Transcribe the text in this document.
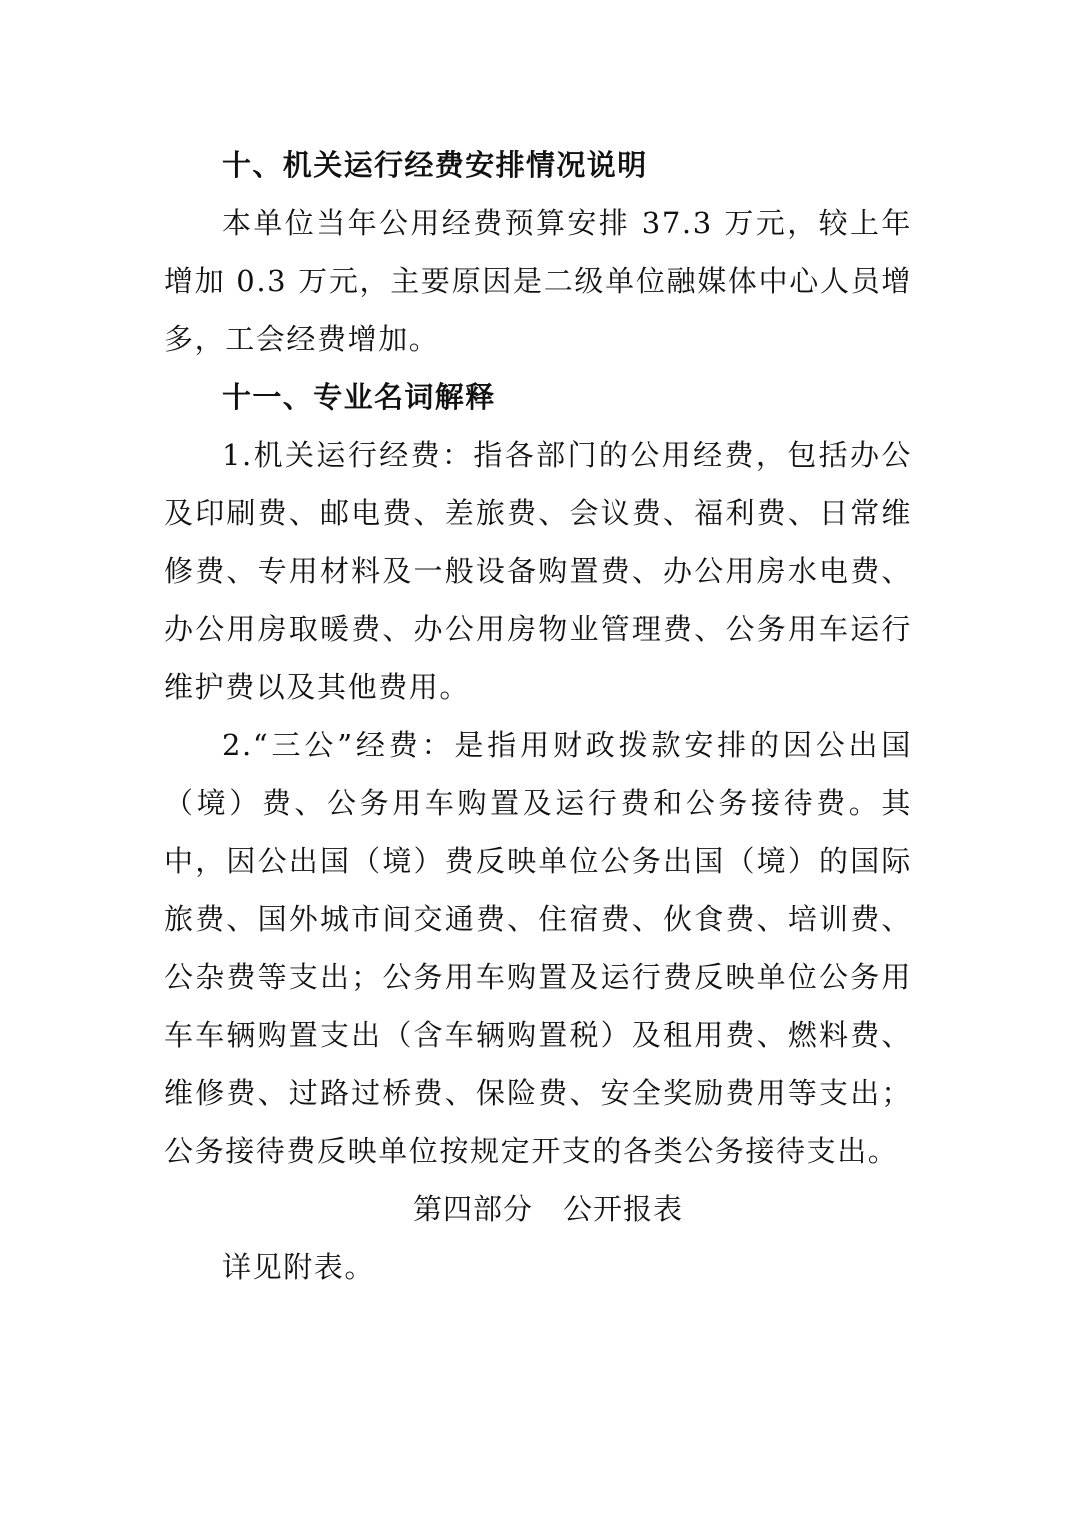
十、机关运行经费安排情况说明

本单位当年公用经费预算安排 37.3 万元，较上年增加 0.3 万元，主要原因是二级单位融媒体中心人员增多，工会经费增加。

十一、专业名词解释

1.机关运行经费：指各部门的公用经费，包括办公及印刷费、邮电费、差旅费、会议费、福利费、日常维修费、专用材料及一般设备购置费、办公用房水电费、办公用房取暖费、办公用房物业管理费、公务用车运行维护费以及其他费用。

2.“三公”经费：是指用财政拨款安排的因公出国（境）费、公务用车购置及运行费和公务接待费。其中，因公出国（境）费反映单位公务出国（境）的国际旅费、国外城市间交通费、住宿费、伙食费、培训费、公杂费等支出；公务用车购置及运行费反映单位公务用车车辆购置支出（含车辆购置税）及租用费、燃料费、维修费、过路过桥费、保险费、安全奖励费用等支出；公务接待费反映单位按规定开支的各类公务接待支出。

第四部分　公开报表

详见附表。
